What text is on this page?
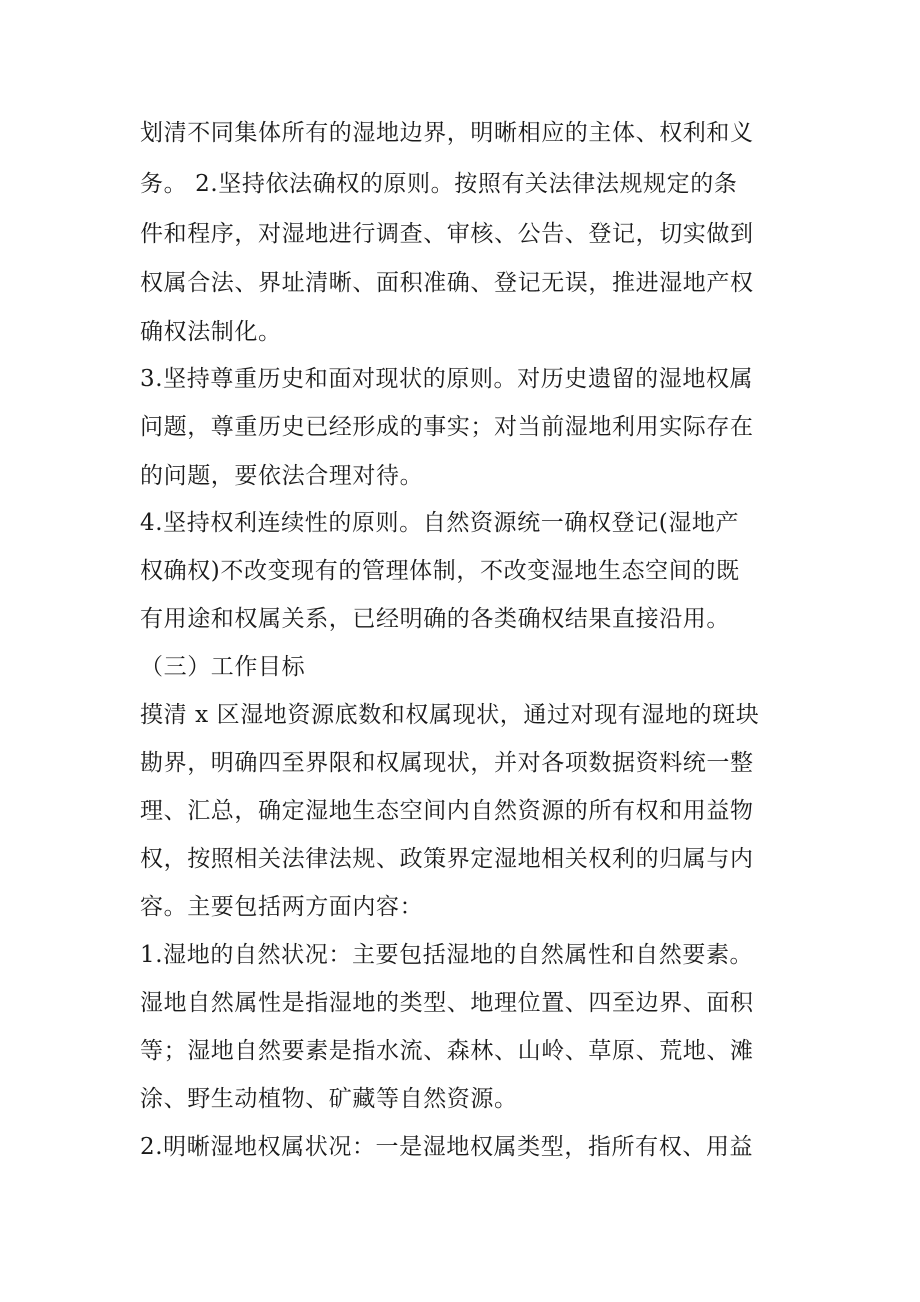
划清不同集体所有的湿地边界，明晰相应的主体、权利和义
务。 2.坚持依法确权的原则。按照有关法律法规规定的条
件和程序，对湿地进行调查、审核、公告、登记，切实做到
权属合法、界址清晰、面积准确、登记无误，推进湿地产权
确权法制化。
3.坚持尊重历史和面对现状的原则。对历史遗留的湿地权属
问题，尊重历史已经形成的事实；对当前湿地利用实际存在
的问题，要依法合理对待。
4.坚持权利连续性的原则。自然资源统一确权登记(湿地产
权确权)不改变现有的管理体制，不改变湿地生态空间的既
有用途和权属关系，已经明确的各类确权结果直接沿用。
（三）工作目标
摸清 x 区湿地资源底数和权属现状，通过对现有湿地的斑块
勘界，明确四至界限和权属现状，并对各项数据资料统一整
理、汇总，确定湿地生态空间内自然资源的所有权和用益物
权，按照相关法律法规、政策界定湿地相关权利的归属与内
容。主要包括两方面内容：
1.湿地的自然状况：主要包括湿地的自然属性和自然要素。
湿地自然属性是指湿地的类型、地理位置、四至边界、面积
等；湿地自然要素是指水流、森林、山岭、草原、荒地、滩
涂、野生动植物、矿藏等自然资源。
2.明晰湿地权属状况：一是湿地权属类型，指所有权、用益
